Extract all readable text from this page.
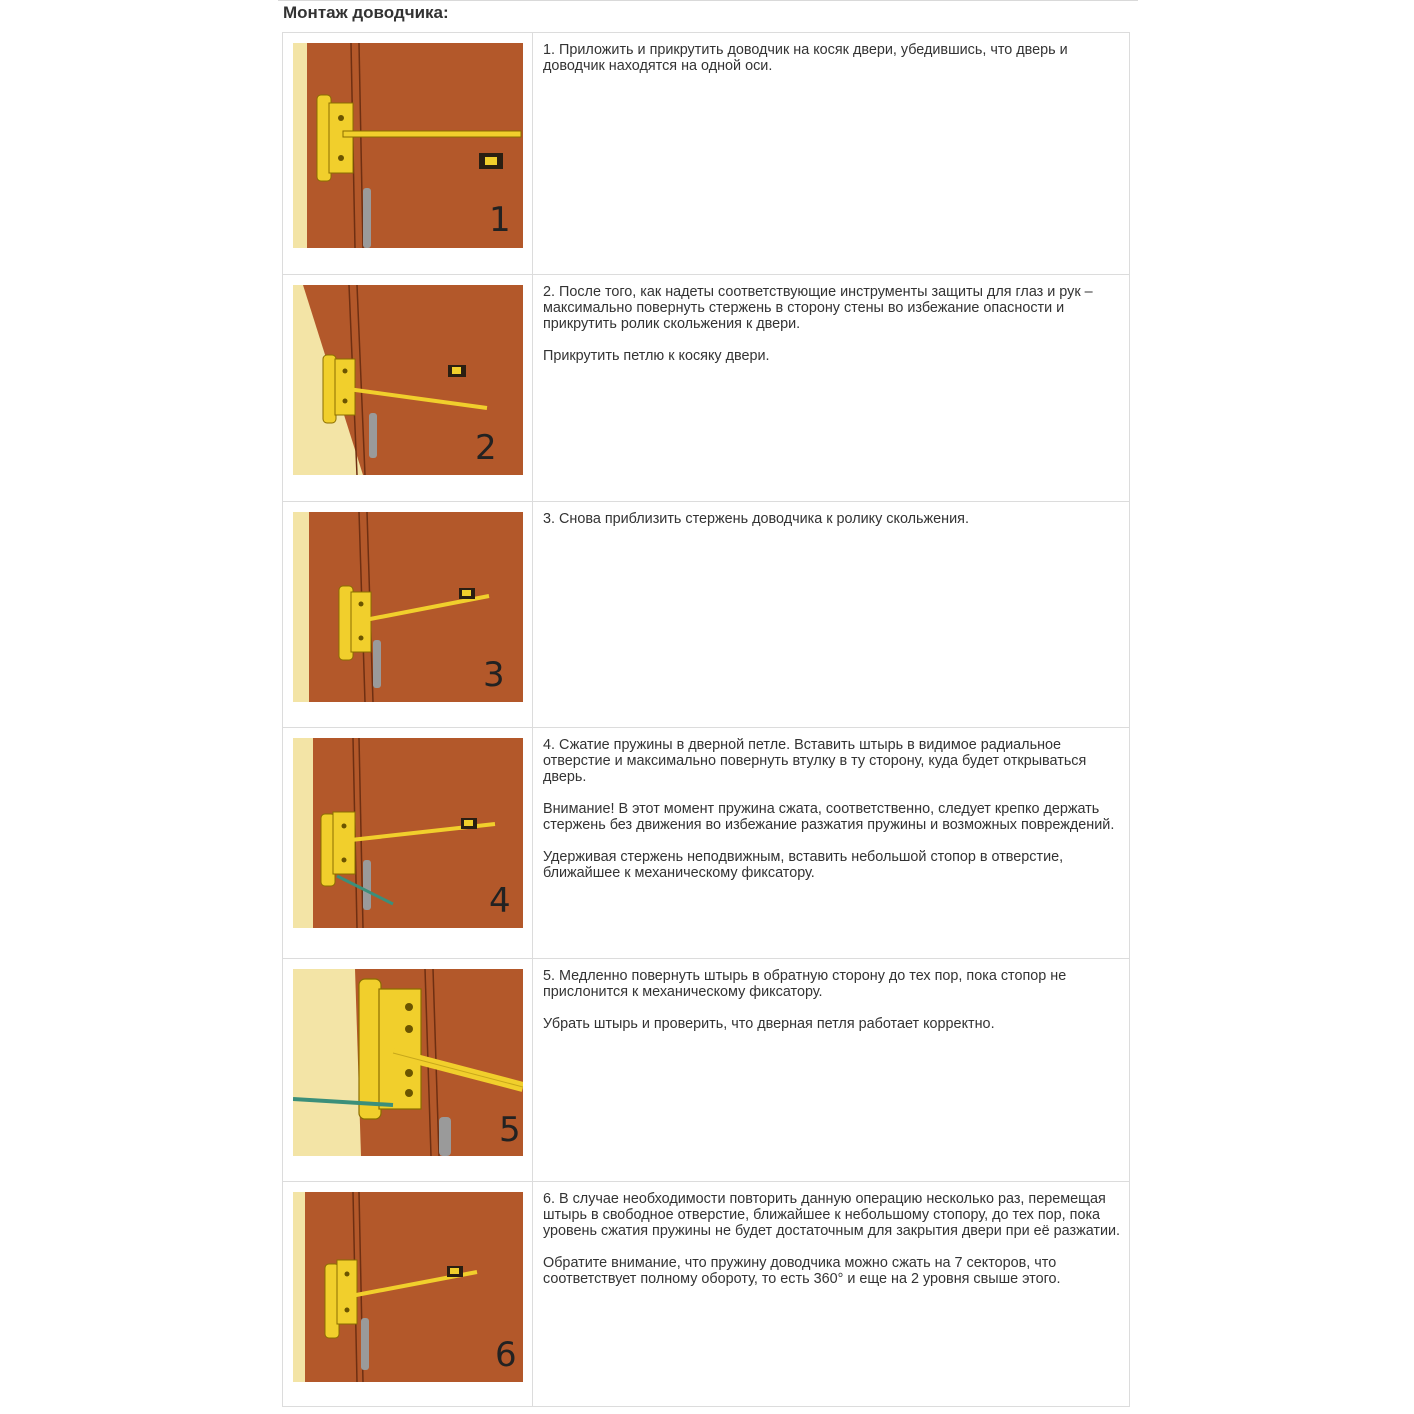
Монтаж доводчика:
1

1. Приложить и прикрутить доводчик на косяк двери, убедившись, что дверь и доводчик находятся на одной оси.

2

2. После того, как надеты соответствующие инструменты защиты для глаз и рук – максимально повернуть стержень в сторону стены во избежание опасности и прикрутить ролик скольжения к двери.

Прикрутить петлю к косяку двери.

3

3. Снова приблизить стержень доводчика к ролику скольжения.

4

4. Сжатие пружины в дверной петле. Вставить штырь в видимое радиальное отверстие и максимально повернуть втулку в ту сторону, куда будет открываться дверь.

Внимание! В этот момент пружина сжата, соответственно, следует крепко держать стержень без движения во избежание разжатия пружины и возможных повреждений.

Удерживая стержень неподвижным, вставить небольшой стопор в отверстие, ближайшее к механическому фиксатору.

5

5. Медленно повернуть штырь в обратную сторону до тех пор, пока стопор не прислонится к механическому фиксатору.

Убрать штырь и проверить, что дверная петля работает корректно.

6

6. В случае необходимости повторить данную операцию несколько раз, перемещая штырь в свободное отверстие, ближайшее к небольшому стопору, до тех пор, пока уровень сжатия пружины не будет достаточным для закрытия двери при её разжатии.

Обратите внимание, что пружину доводчика можно сжать на 7 секторов, что соответствует полному обороту, то есть 360° и еще на 2 уровня свыше этого.
